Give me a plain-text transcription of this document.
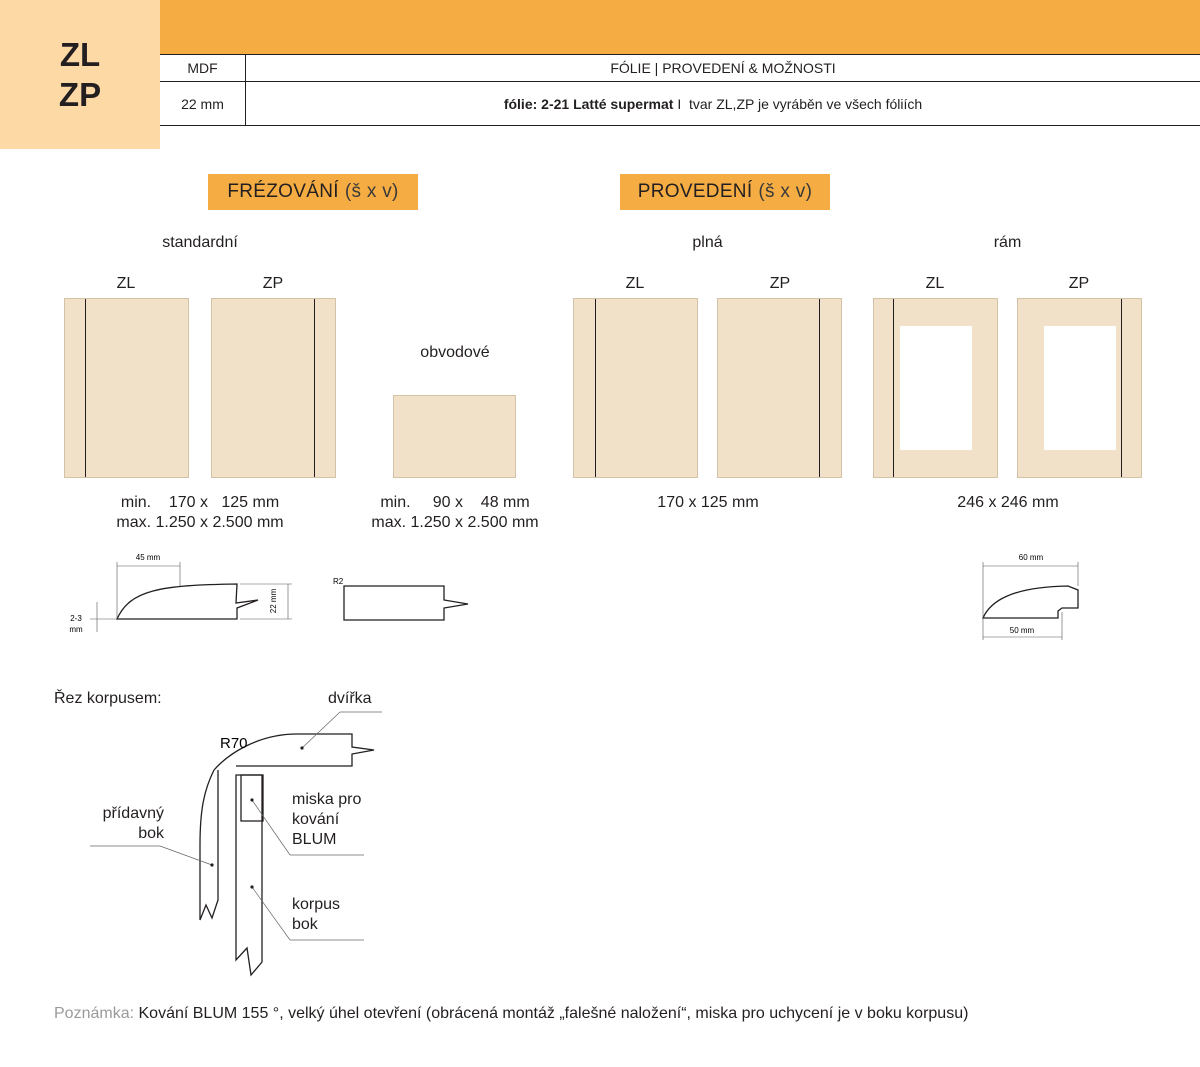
ZL
ZP
MDF	FÓLIE | PROVEDENÍ & MOŽNOSTI
22 mm	fólie: 2-21 Latté supermat I  tvar ZL,ZP je vyráběn ve všech fóliích
FRÉZOVÁNÍ (š x v)	PROVEDENÍ (š x v)
standardní	plná	rám
obvodové
ZL	ZP	ZL	ZP	ZL	ZP
min.    170 x   125 mm
max. 1.250 x 2.500 mm
min.     90 x    48 mm
max. 1.250 x 2.500 mm
170 x 125 mm	246 x 246 mm
45 mm
22 mm
2-3
mm
R2
60 mm
50 mm
R70
Řez korpusem:	dvířka
přídavný
bok
miska pro
kování
BLUM
korpus
bok
Poznámka: Kování BLUM 155 °, velký úhel otevření (obrácená montáž „falešné naložení“, miska pro uchycení je v boku korpusu)
